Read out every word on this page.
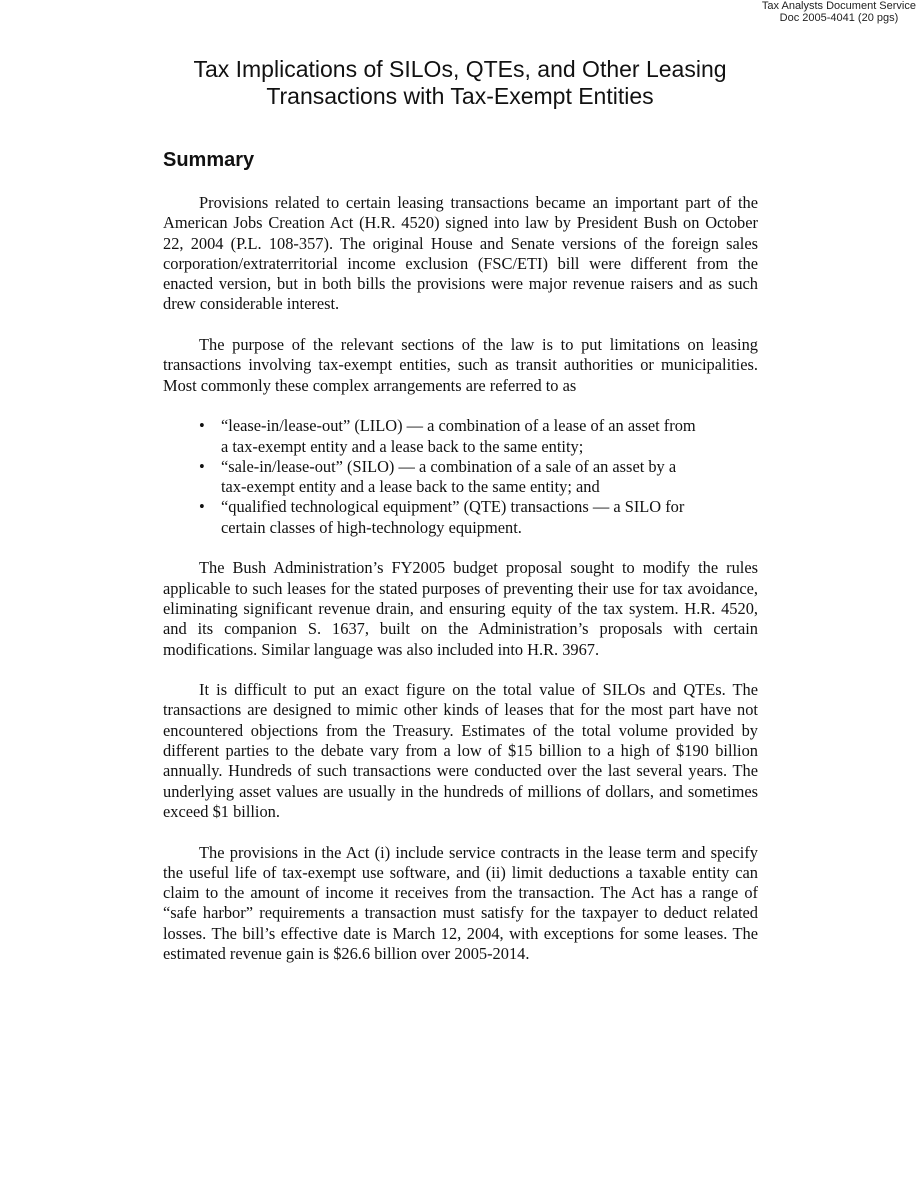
Tax Analysts Document Service
Doc 2005-4041 (20 pgs)
Tax Implications of SILOs, QTEs, and Other Leasing
Transactions with Tax-Exempt Entities
Summary

Provisions related to certain leasing transactions became an important part of the American Jobs Creation Act (H.R. 4520) signed into law by President Bush on October 22, 2004 (P.L. 108-357). The original House and Senate versions of the foreign sales corporation/extraterritorial income exclusion (FSC/ETI) bill were different from the enacted version, but in both bills the provisions were major revenue raisers and as such drew considerable interest.

The purpose of the relevant sections of the law is to put limitations on leasing transactions involving tax-exempt entities, such as transit authorities or municipalities. Most commonly these complex arrangements are referred to as

• “lease-in/lease-out” (LILO) — a combination of a lease of an asset from a tax-exempt entity and a lease back to the same entity;
• “sale-in/lease-out” (SILO) — a combination of a sale of an asset by a tax-exempt entity and a lease back to the same entity; and
• “qualified technological equipment” (QTE) transactions — a SILO for certain classes of high-technology equipment.

The Bush Administration’s FY2005 budget proposal sought to modify the rules applicable to such leases for the stated purposes of preventing their use for tax avoidance, eliminating significant revenue drain, and ensuring equity of the tax system. H.R. 4520, and its companion S. 1637, built on the Administration’s proposals with certain modifications. Similar language was also included into H.R. 3967.

It is difficult to put an exact figure on the total value of SILOs and QTEs. The transactions are designed to mimic other kinds of leases that for the most part have not encountered objections from the Treasury. Estimates of the total volume provided by different parties to the debate vary from a low of $15 billion to a high of $190 billion annually. Hundreds of such transactions were conducted over the last several years. The underlying asset values are usually in the hundreds of millions of dollars, and sometimes exceed $1 billion.

The provisions in the Act (i) include service contracts in the lease term and specify the useful life of tax-exempt use software, and (ii) limit deductions a taxable entity can claim to the amount of income it receives from the transaction. The Act has a range of “safe harbor” requirements a transaction must satisfy for the taxpayer to deduct related losses. The bill’s effective date is March 12, 2004, with exceptions for some leases. The estimated revenue gain is $26.6 billion over 2005-2014.
